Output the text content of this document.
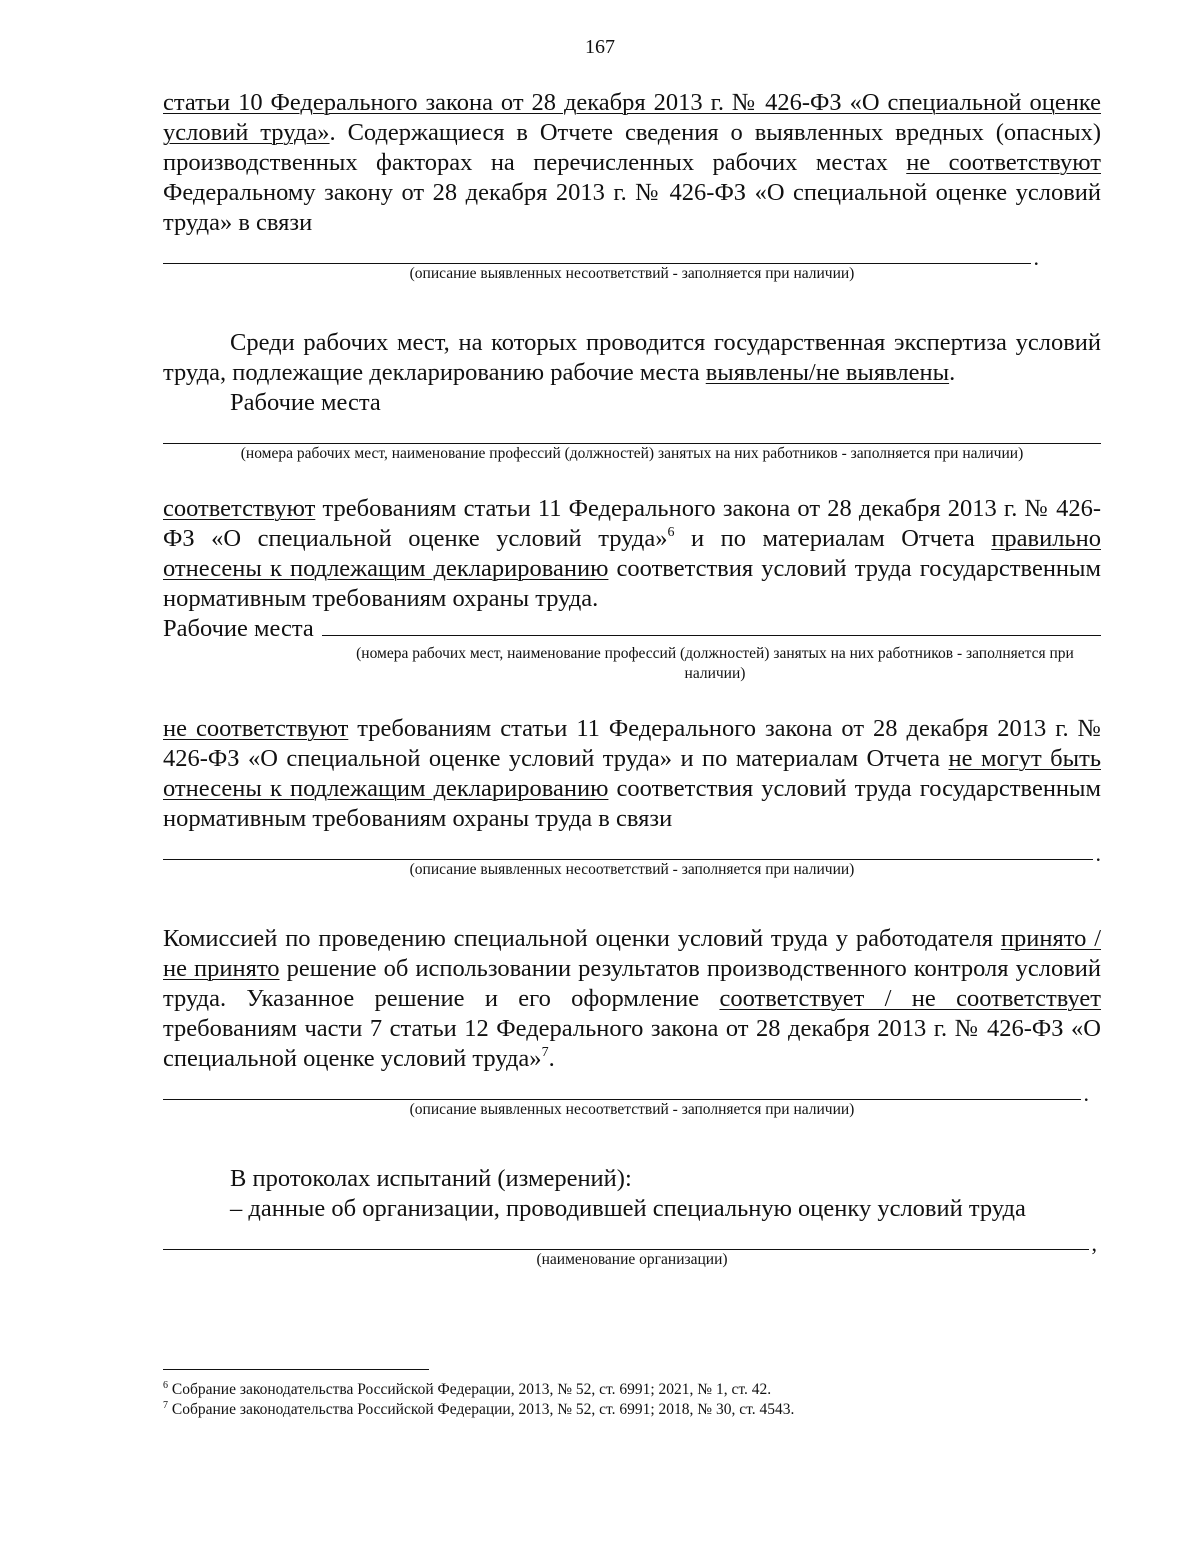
167

статьи 10 Федерального закона от 28 декабря 2013 г. № 426-ФЗ «О специальной оценке условий труда». Содержащиеся в Отчете сведения о выявленных вредных (опасных) производственных факторах на перечисленных рабочих местах не соответствуют Федеральному закону от 28 декабря 2013 г. № 426-ФЗ «О специальной оценке условий труда» в связи

.
(описание выявленных несоответствий - заполняется при наличии)

Среди рабочих мест, на которых проводится государственная экспертиза условий труда, подлежащие декларированию рабочие места выявлены/не выявлены.

Рабочие места

(номера рабочих мест, наименование профессий (должностей) занятых на них работников - заполняется при наличии)

соответствуют требованиям статьи 11 Федерального закона от 28 декабря 2013 г. № 426-ФЗ «О специальной оценке условий труда»$^6$ и по материалам Отчета правильно отнесены к подлежащим декларированию соответствия условий труда государственным нормативным требованиям охраны труда.

Рабочие места

(номера рабочих мест, наименование профессий (должностей) занятых на них работников - заполняется при наличии)

не соответствуют требованиям статьи 11 Федерального закона от 28 декабря 2013 г. № 426-ФЗ «О специальной оценке условий труда» и по материалам Отчета не могут быть отнесены к подлежащим декларированию соответствия условий труда государственным нормативным требованиям охраны труда в связи

.
(описание выявленных несоответствий - заполняется при наличии)

Комиссией по проведению специальной оценки условий труда у работодателя принято /не принято решение об использовании результатов производственного контроля условий труда. Указанное решение и его оформление соответствует / не соответствует требованиям части 7 статьи 12 Федерального закона от 28 декабря 2013 г. № 426-ФЗ «О специальной оценке условий труда»$^7$.

.
(описание выявленных несоответствий - заполняется при наличии)

В протоколах испытаний (измерений):

– данные об организации, проводившей специальную оценку условий труда

,
(наименование организации)
$^6$ Собрание законодательства Российской Федерации, 2013, № 52, ст. 6991; 2021, № 1, ст. 42.
$^7$ Собрание законодательства Российской Федерации, 2013, № 52, ст. 6991; 2018, № 30, ст. 4543.
